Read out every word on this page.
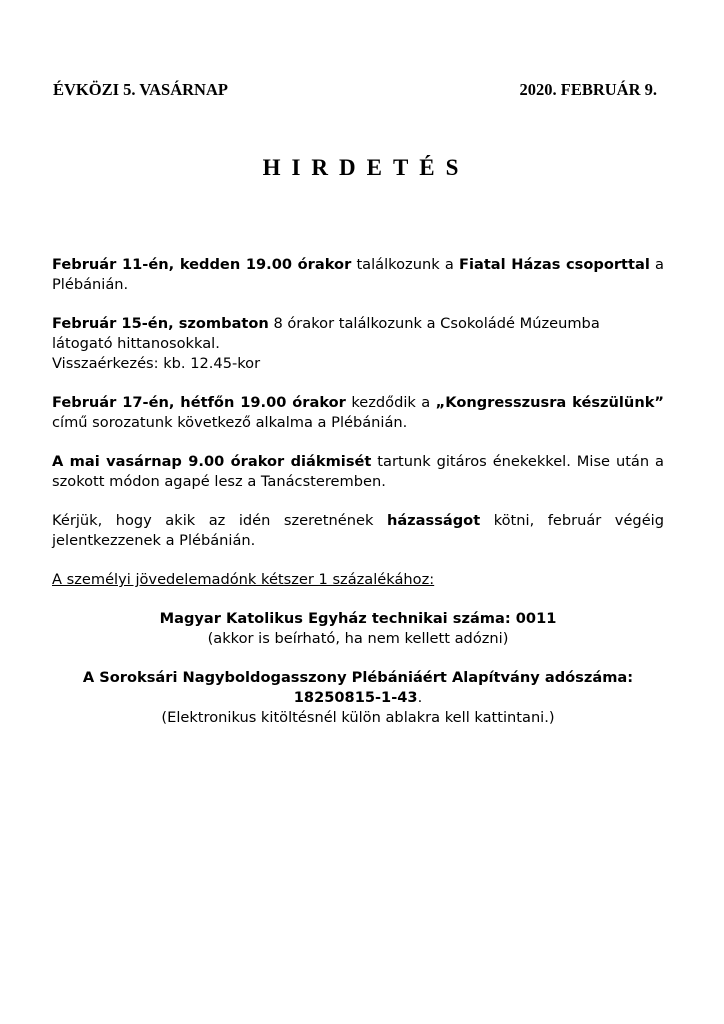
ÉVKÖZI 5. VASÁRNAP	2020. FEBRUÁR 9.
HIRDETÉS

Február 11-én, kedden 19.00 órakor találkozunk a Fiatal Házas csoporttal a Plébánián.

Február 15-én, szombaton 8 órakor találkozunk a Csokoládé Múzeumba látogató hittanosokkal.
Visszaérkezés: kb. 12.45-kor

Február 17-én, hétfőn 19.00 órakor kezdődik a „Kongresszusra készülünk” című sorozatunk következő alkalma a Plébánián.

A mai vasárnap 9.00 órakor diákmisét tartunk gitáros énekekkel. Mise után a szokott módon agapé lesz a Tanácsteremben.

Kérjük, hogy akik az idén szeretnének házasságot kötni, február végéig jelentkezzenek a Plébánián.

A személyi jövedelemadónk kétszer 1 százalékához:

Magyar Katolikus Egyház technikai száma: 0011

(akkor is beírható, ha nem kellett adózni)

A Soroksári Nagyboldogasszony Plébániáért Alapítvány adószáma:

18250815-1-43.

(Elektronikus kitöltésnél külön ablakra kell kattintani.)
